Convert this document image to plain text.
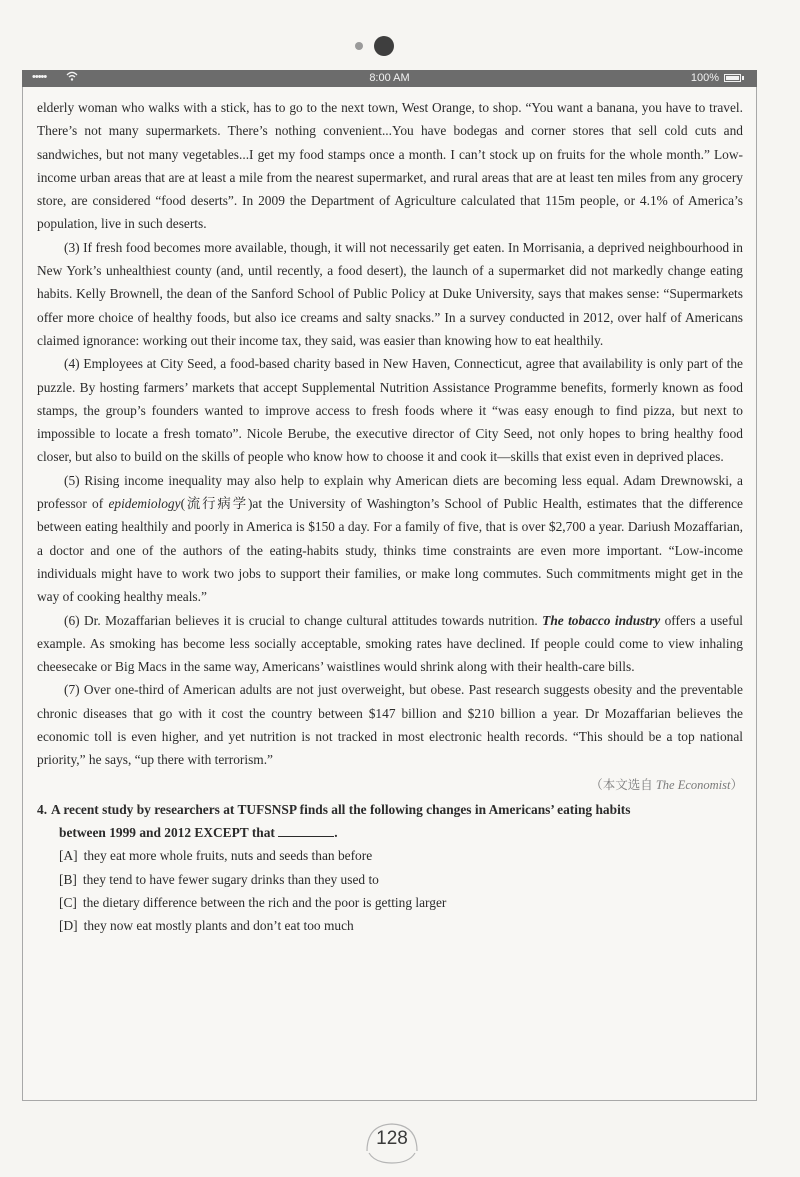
•••••	8:00 AM	100%

elderly woman who walks with a stick, has to go to the next town, West Orange, to shop. “You want a banana, you have to travel. There’s not many supermarkets. There’s nothing convenient...You have bodegas and corner stores that sell cold cuts and sandwiches, but not many vegetables...I get my food stamps once a month. I can’t stock up on fruits for the whole month.” Low-income urban areas that are at least a mile from the nearest supermarket, and rural areas that are at least ten miles from any grocery store, are considered “food deserts”. In 2009 the Department of Agriculture calculated that 115m people, or 4.1% of America’s population, live in such deserts.

(3) If fresh food becomes more available, though, it will not necessarily get eaten. In Morrisania, a deprived neighbourhood in New York’s unhealthiest county (and, until recently, a food desert), the launch of a supermarket did not markedly change eating habits. Kelly Brownell, the dean of the Sanford School of Public Policy at Duke University, says that makes sense: “Supermarkets offer more choice of healthy foods, but also ice creams and salty snacks.” In a survey conducted in 2012, over half of Americans claimed ignorance: working out their income tax, they said, was easier than knowing how to eat healthily.

(4) Employees at City Seed, a food-based charity based in New Haven, Connecticut, agree that availability is only part of the puzzle. By hosting farmers’ markets that accept Supplemental Nutrition Assistance Programme benefits, formerly known as food stamps, the group’s founders wanted to improve access to fresh foods where it “was easy enough to find pizza, but next to impossible to locate a fresh tomato”. Nicole Berube, the executive director of City Seed, not only hopes to bring healthy food closer, but also to build on the skills of people who know how to choose it and cook it—skills that exist even in deprived places.

(5) Rising income inequality may also help to explain why American diets are becoming less equal. Adam Drewnowski, a professor of epidemiology(流行病学)at the University of Washington’s School of Public Health, estimates that the difference between eating healthily and poorly in America is $150 a day. For a family of five, that is over $2,700 a year. Dariush Mozaffarian, a doctor and one of the authors of the eating-habits study, thinks time constraints are even more important. “Low-income individuals might have to work two jobs to support their families, or make long commutes. Such commitments might get in the way of cooking healthy meals.”

(6) Dr. Mozaffarian believes it is crucial to change cultural attitudes towards nutrition. The tobacco industry offers a useful example. As smoking has become less socially acceptable, smoking rates have declined. If people could come to view inhaling cheesecake or Big Macs in the same way, Americans’ waistlines would shrink along with their health-care bills.

(7) Over one-third of American adults are not just overweight, but obese. Past research suggests obesity and the preventable chronic diseases that go with it cost the country between $147 billion and $210 billion a year. Dr Mozaffarian believes the economic toll is even higher, and yet nutrition is not tracked in most electronic health records. “This should be a top national priority,” he says, “up there with terrorism.”

（本文选自 The Economist）
4. A recent study by researchers at TUFSNSP finds all the following changes in Americans’ eating habits
between 1999 and 2012 EXCEPT that	.
[A] they eat more whole fruits, nuts and seeds than before
[B] they tend to have fewer sugary drinks than they used to
[C] the dietary difference between the rich and the poor is getting larger
[D] they now eat mostly plants and don’t eat too much
128
